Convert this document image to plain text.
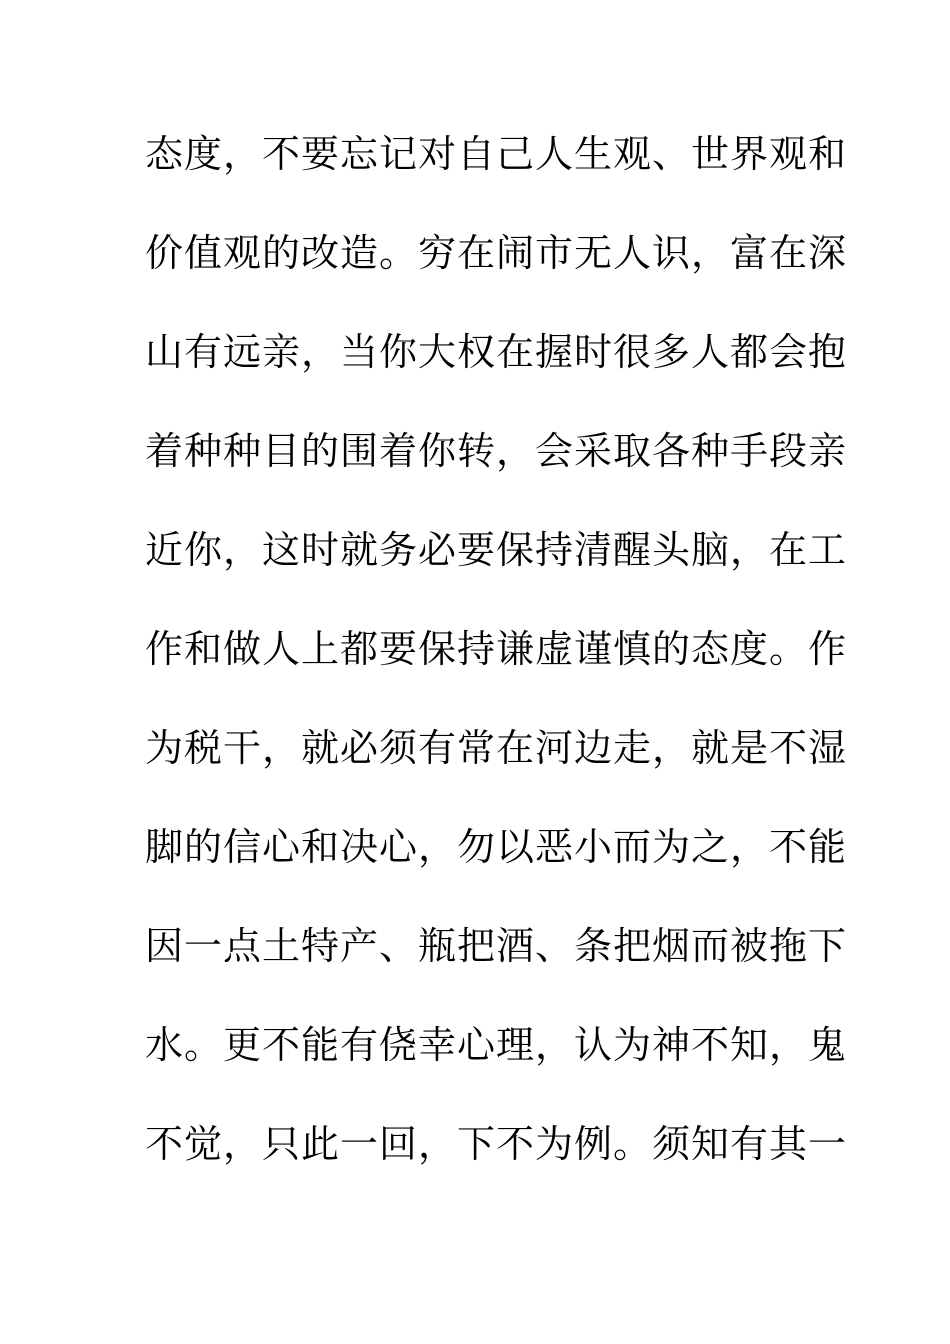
态度，不要忘记对自己人生观、世界观和
价值观的改造。穷在闹市无人识，富在深
山有远亲，当你大权在握时很多人都会抱
着种种目的围着你转，会采取各种手段亲
近你，这时就务必要保持清醒头脑，在工
作和做人上都要保持谦虚谨慎的态度。作
为税干，就必须有常在河边走，就是不湿
脚的信心和决心，勿以恶小而为之，不能
因一点土特产、瓶把酒、条把烟而被拖下
水。更不能有侥幸心理，认为神不知，鬼
不觉，只此一回，下不为例。须知有其一
